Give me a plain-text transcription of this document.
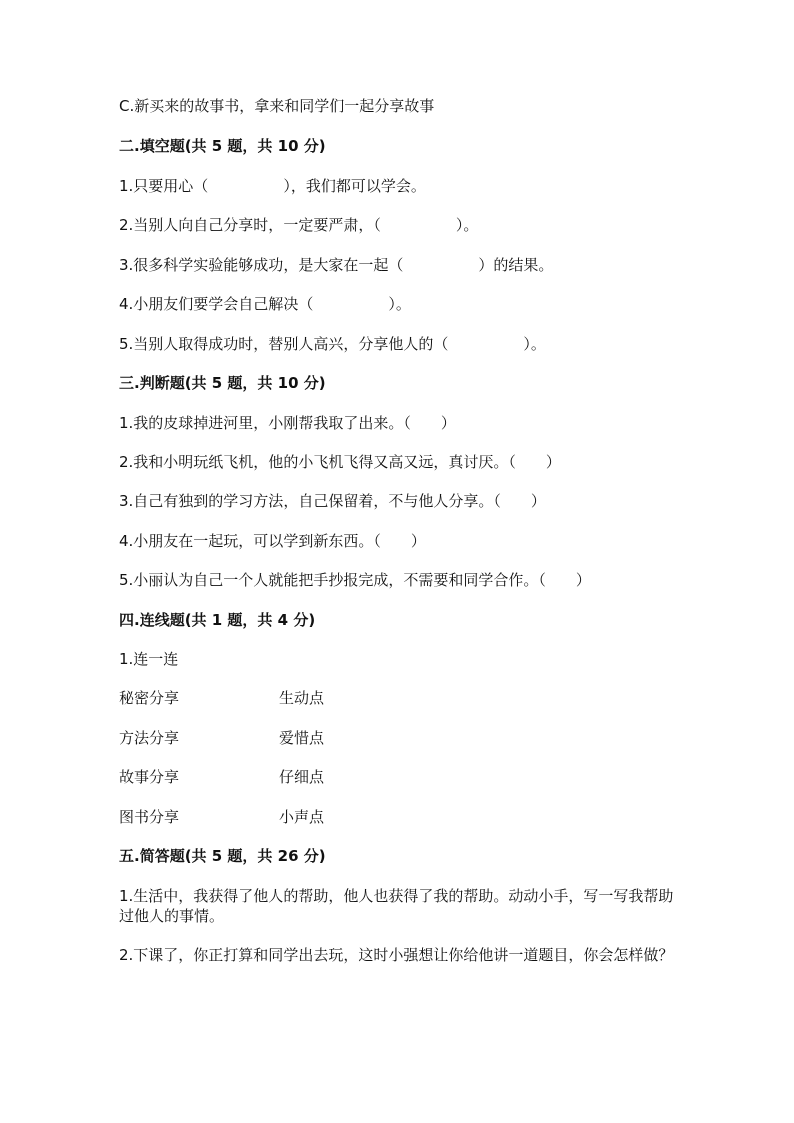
C.新买来的故事书，拿来和同学们一起分享故事
二.填空题(共 5 题，共 10 分)
1.只要用心（　　　　　），我们都可以学会。
2.当别人向自己分享时，一定要严肃，（　　　　　）。
3.很多科学实验能够成功，是大家在一起（　　　　　）的结果。
4.小朋友们要学会自己解决（　　　　　）。
5.当别人取得成功时，替别人高兴，分享他人的（　　　　　）。
三.判断题(共 5 题，共 10 分)
1.我的皮球掉进河里，小刚帮我取了出来。（　　）
2.我和小明玩纸飞机，他的小飞机飞得又高又远，真讨厌。（　　）
3.自己有独到的学习方法，自己保留着，不与他人分享。（　　）
4.小朋友在一起玩，可以学到新东西。（　　）
5.小丽认为自己一个人就能把手抄报完成，不需要和同学合作。（　　）
四.连线题(共 1 题，共 4 分)
1.连一连
秘密分享	生动点
方法分享	爱惜点
故事分享	仔细点
图书分享	小声点
五.简答题(共 5 题，共 26 分)
1.生活中，我获得了他人的帮助，他人也获得了我的帮助。动动小手，写一写我帮助过他人的事情。
2.下课了，你正打算和同学出去玩，这时小强想让你给他讲一道题目，你会怎样做？
